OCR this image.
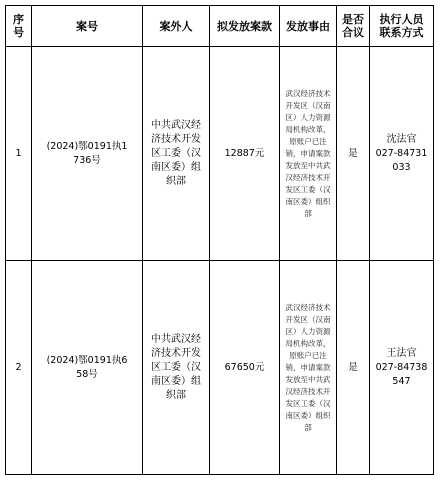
序号	案号	案外人	拟发放案款	发放事由	是否合议	执行人员联系方式
1	(2024)鄂0191执1736号	中共武汉经济技术开发区工委（汉南区委）组织部	12887元	武汉经济技术开发区（汉南区）人力资源局机构改革，原账户已注销，申请案款发放至中共武汉经济技术开发区工委（汉南区委）组织部	是	沈法官
027-84731033
2	(2024)鄂0191执658号	中共武汉经济技术开发区工委（汉南区委）组织部	67650元	武汉经济技术开发区（汉南区）人力资源局机构改革，原账户已注销，申请案款发放至中共武汉经济技术开发区工委（汉南区委）组织部	是	王法官
027-84738547
